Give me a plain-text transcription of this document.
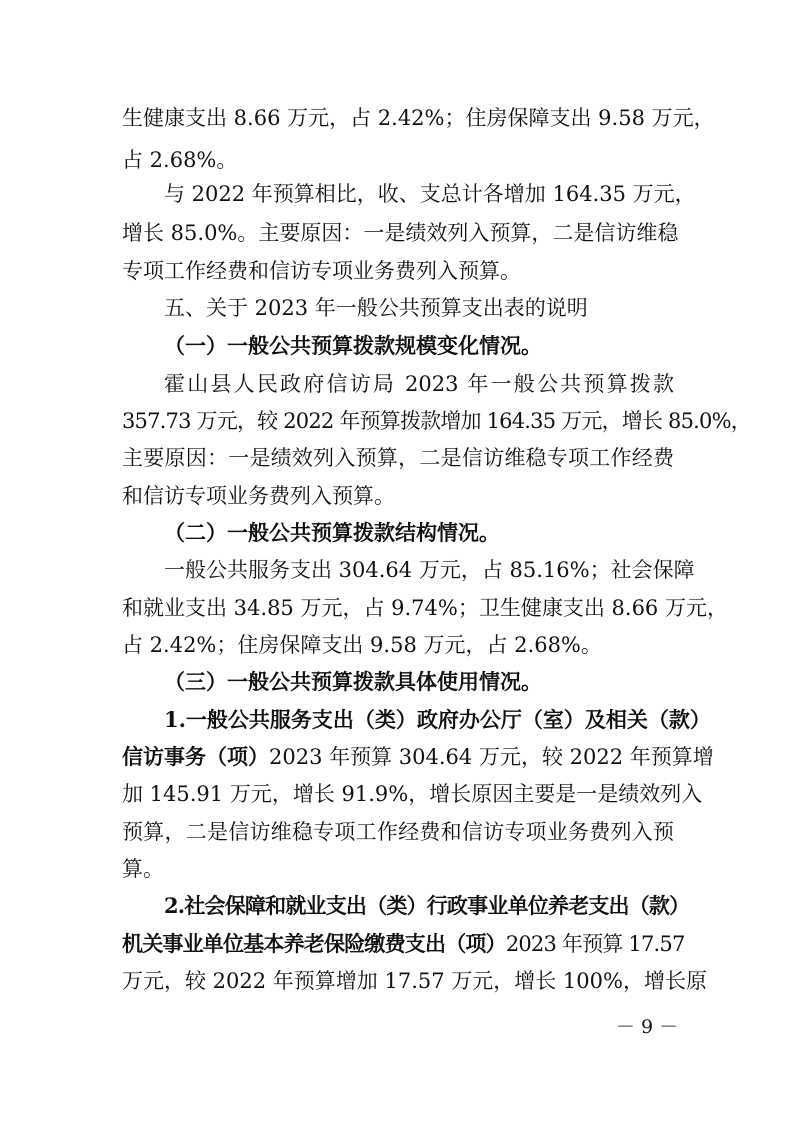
生健康支出 8.66 万元，占 2.42%；住房保障支出 9.58 万元，
占 2.68%。
与 2022 年预算相比，收、支总计各增加 164.35 万元，
增长 85.0%。主要原因：一是绩效列入预算，二是信访维稳
专项工作经费和信访专项业务费列入预算。
五、关于 2023 年一般公共预算支出表的说明
（一）一般公共预算拨款规模变化情况。
霍山县人民政府信访局 2023 年一般公共预算拨款
357.73 万元，较 2022 年预算拨款增加 164.35 万元，增长 85.0%，
主要原因：一是绩效列入预算，二是信访维稳专项工作经费
和信访专项业务费列入预算。
（二）一般公共预算拨款结构情况。
一般公共服务支出 304.64 万元，占 85.16%；社会保障
和就业支出 34.85 万元，占 9.74%；卫生健康支出 8.66 万元，
占 2.42%；住房保障支出 9.58 万元，占 2.68%。
（三）一般公共预算拨款具体使用情况。
1.一般公共服务支出（类）政府办公厅（室）及相关（款）
信访事务（项）2023 年预算 304.64 万元，较 2022 年预算增
加 145.91 万元，增长 91.9%，增长原因主要是一是绩效列入
预算，二是信访维稳专项工作经费和信访专项业务费列入预
算。
2.社会保障和就业支出（类）行政事业单位养老支出（款）
机关事业单位基本养老保险缴费支出（项）2023 年预算 17.57
万元，较 2022 年预算增加 17.57 万元，增长 100%，增长原
－ 9 －
